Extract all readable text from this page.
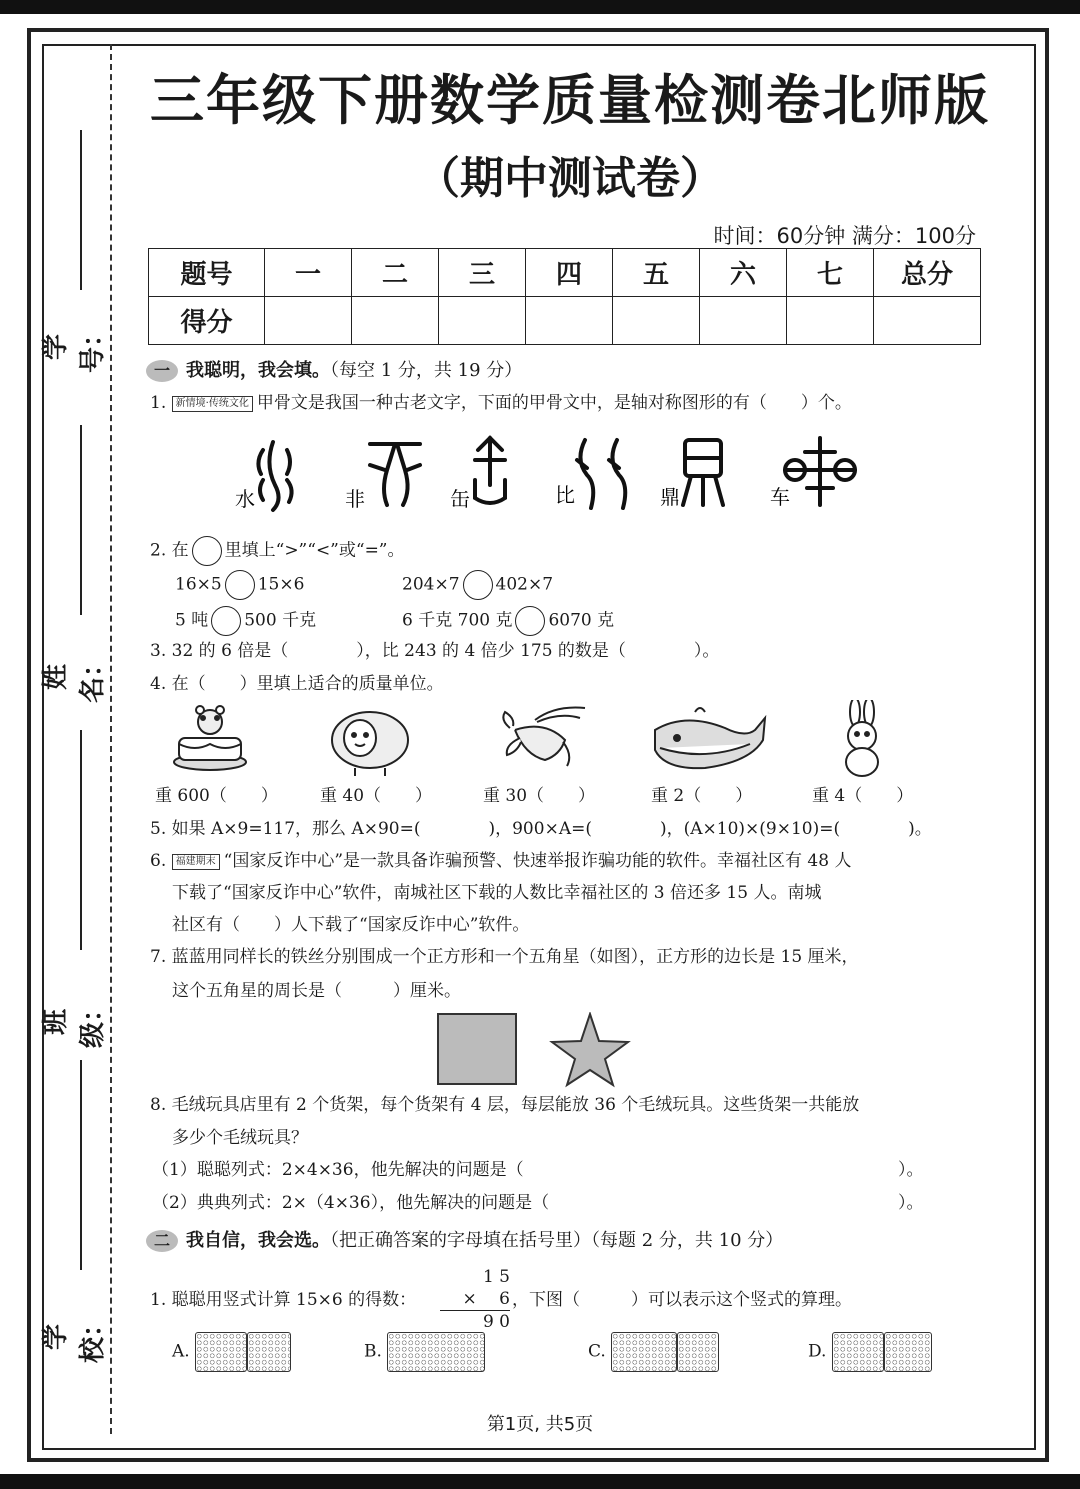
学号：
姓名：
班级：
学校：
三年级下册数学质量检测卷北师版
（期中测试卷）
时间：60分钟 满分：100分
题号	一	二	三	四	五	六	七	总分
得分								
一 我聪明，我会填。（每空 1 分，共 19 分）
1. 新情境·传统文化 甲骨文是我国一种古老文字，下面的甲骨文中，是轴对称图形的有（　　）个。
水	非	缶	比	鼎	车
2. 在 里填上“>”“<”或“=”。
16×5 15×6	204×7 402×7
5 吨 500 千克	6 千克 700 克 6070 克
3. 32 的 6 倍是（　　　　），比 243 的 4 倍少 175 的数是（　　　　）。
4. 在（　　）里填上适合的质量单位。
重 600（　　） 重 40（　　）	重 30（　　）	重 2（　　）	重 4（　　）
5. 如果 A×9=117，那么 A×90=(　　　　)，900×A=(　　　　)，(A×10)×(9×10)=(　　　　)。
6. 福建期末 “国家反诈中心”是一款具备诈骗预警、快速举报诈骗功能的软件。幸福社区有 48 人
下载了“国家反诈中心”软件，南城社区下载的人数比幸福社区的 3 倍还多 15 人。南城
社区有（　　）人下载了“国家反诈中心”软件。
7. 蓝蓝用同样长的铁丝分别围成一个正方形和一个五角星（如图），正方形的边长是 15 厘米，
这个五角星的周长是（　　　）厘米。
8. 毛绒玩具店里有 2 个货架，每个货架有 4 层，每层能放 36 个毛绒玩具。这些货架一共能放
多少个毛绒玩具？
（1）聪聪列式：2×4×36，他先解决的问题是（	）。
（2）典典列式：2×（4×36），他先解决的问题是（	）。
二 我自信，我会选。（把正确答案的字母填在括号里）（每题 2 分，共 10 分）
1. 聪聪用竖式计算 15×6 的得数：
1 5
×　 6
9 0
，下图（　　　）可以表示这个竖式的算理。
A.	B.	C.	D.
第1页, 共5页
